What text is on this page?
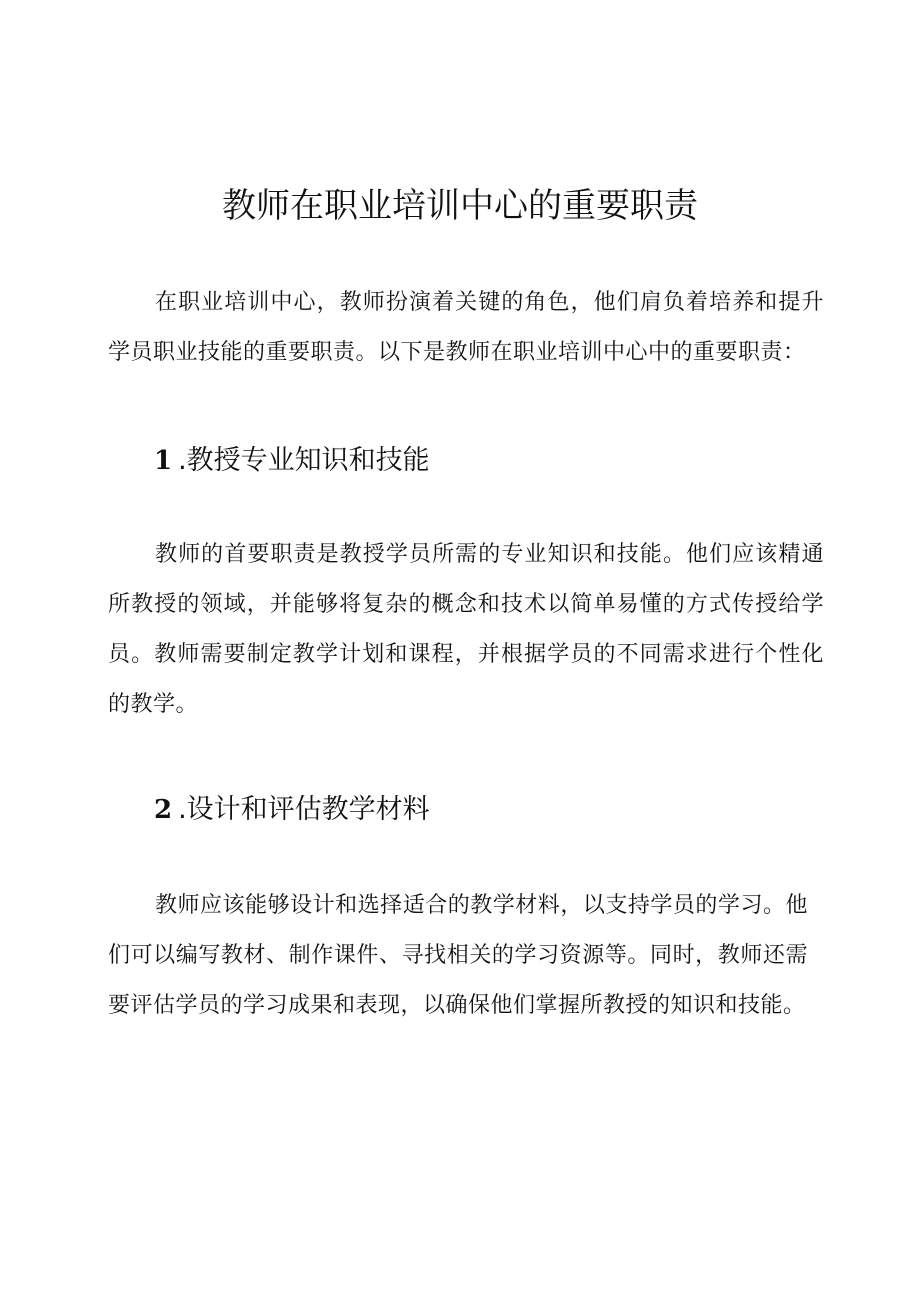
教师在职业培训中心的重要职责

在职业培训中心，教师扮演着关键的角色，他们肩负着培养和提升学员职业技能的重要职责。以下是教师在职业培训中心中的重要职责：

1 .教授专业知识和技能

教师的首要职责是教授学员所需的专业知识和技能。他们应该精通所教授的领域，并能够将复杂的概念和技术以简单易懂的方式传授给学员。教师需要制定教学计划和课程，并根据学员的不同需求进行个性化的教学。

2 .设计和评估教学材料

教师应该能够设计和选择适合的教学材料，以支持学员的学习。他们可以编写教材、制作课件、寻找相关的学习资源等。同时，教师还需要评估学员的学习成果和表现，以确保他们掌握所教授的知识和技能。
